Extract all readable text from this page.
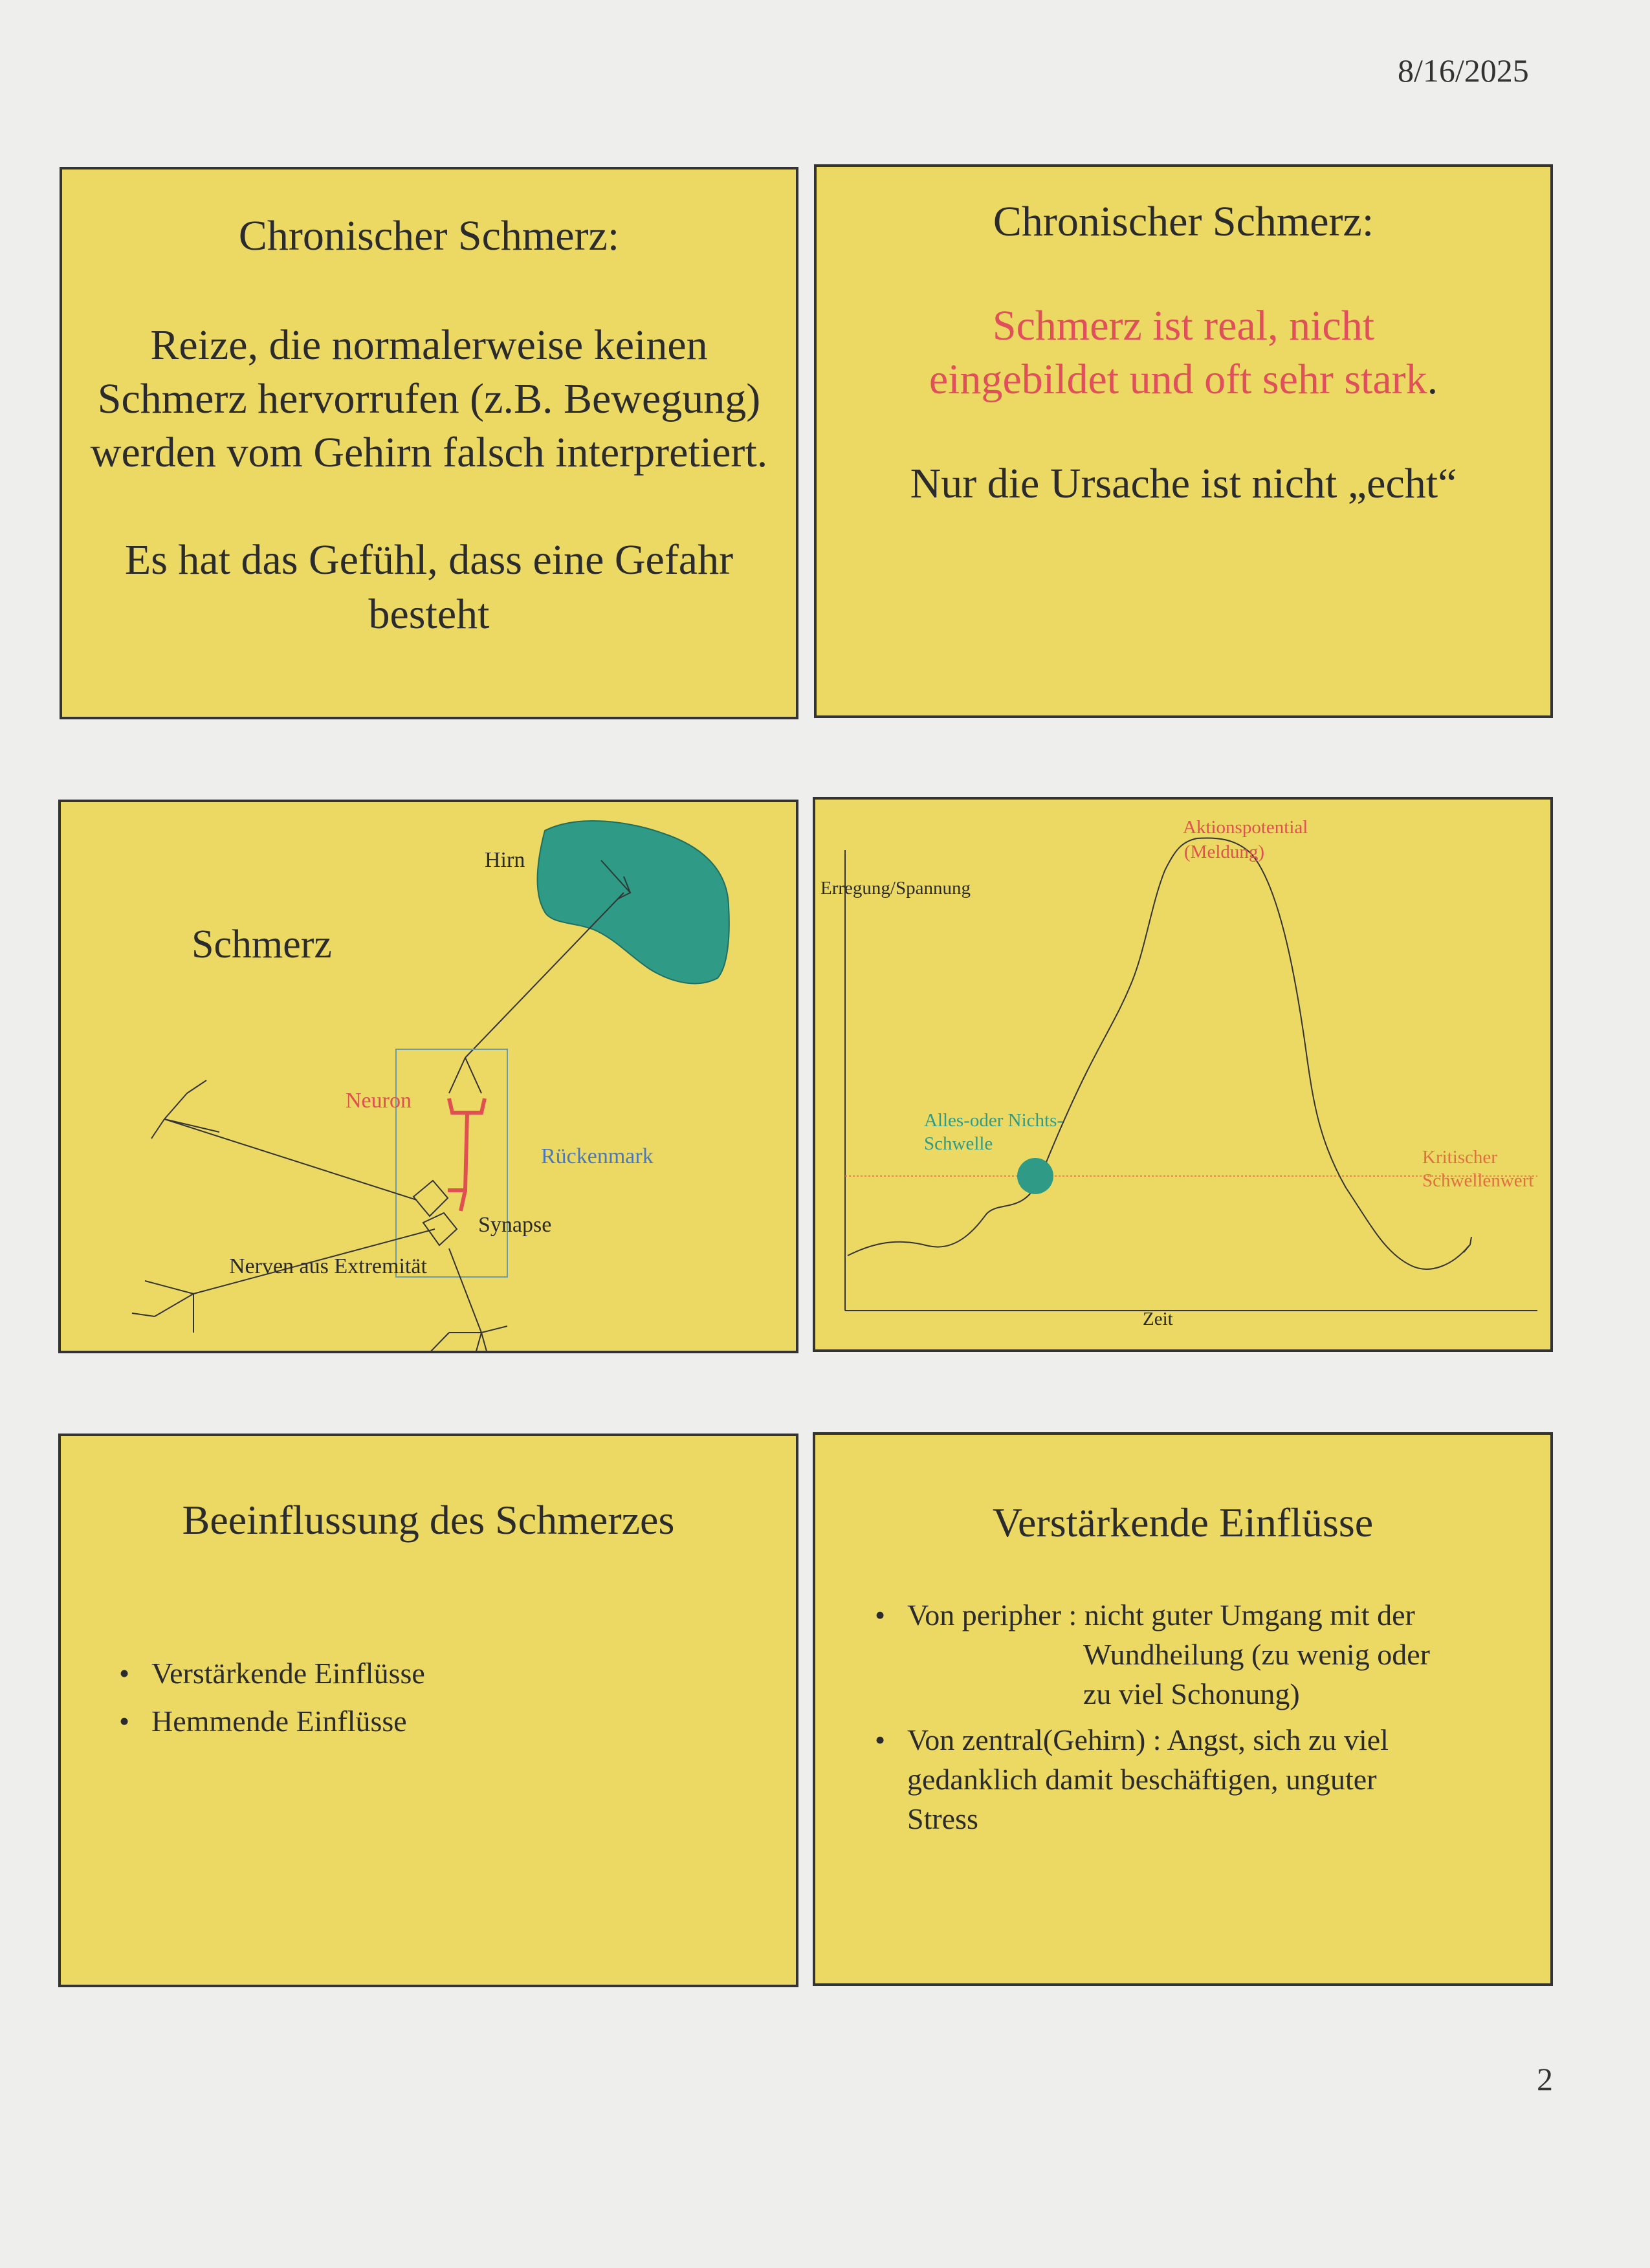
8/16/2025
Chronischer Schmerz:
Reize, die normalerweise keinen
Schmerz hervorrufen (z.B. Bewegung)
werden vom Gehirn falsch interpretiert.
Es hat das Gefühl, dass eine Gefahr
besteht
Chronischer Schmerz:
Schmerz ist real, nicht
eingebildet und oft sehr stark.
Nur die Ursache ist nicht „echt“
Schmerz
Hirn
Neuron
Rückenmark
Synapse
Nerven aus Extremität
Aktionspotential
(Meldung)
Erregung/Spannung
Alles-oder Nichts-
Schwelle
Kritischer
Schwellenwert
Zeit
Beeinflussung des Schmerzes
• Verstärkende Einflüsse
• Hemmende Einflüsse
Verstärkende Einflüsse
• Von peripher : nicht guter Umgang mit der
Wundheilung (zu wenig oder
zu viel Schonung)
• Von zentral(Gehirn) : Angst, sich zu viel
gedanklich damit beschäftigen, unguter
Stress
2
